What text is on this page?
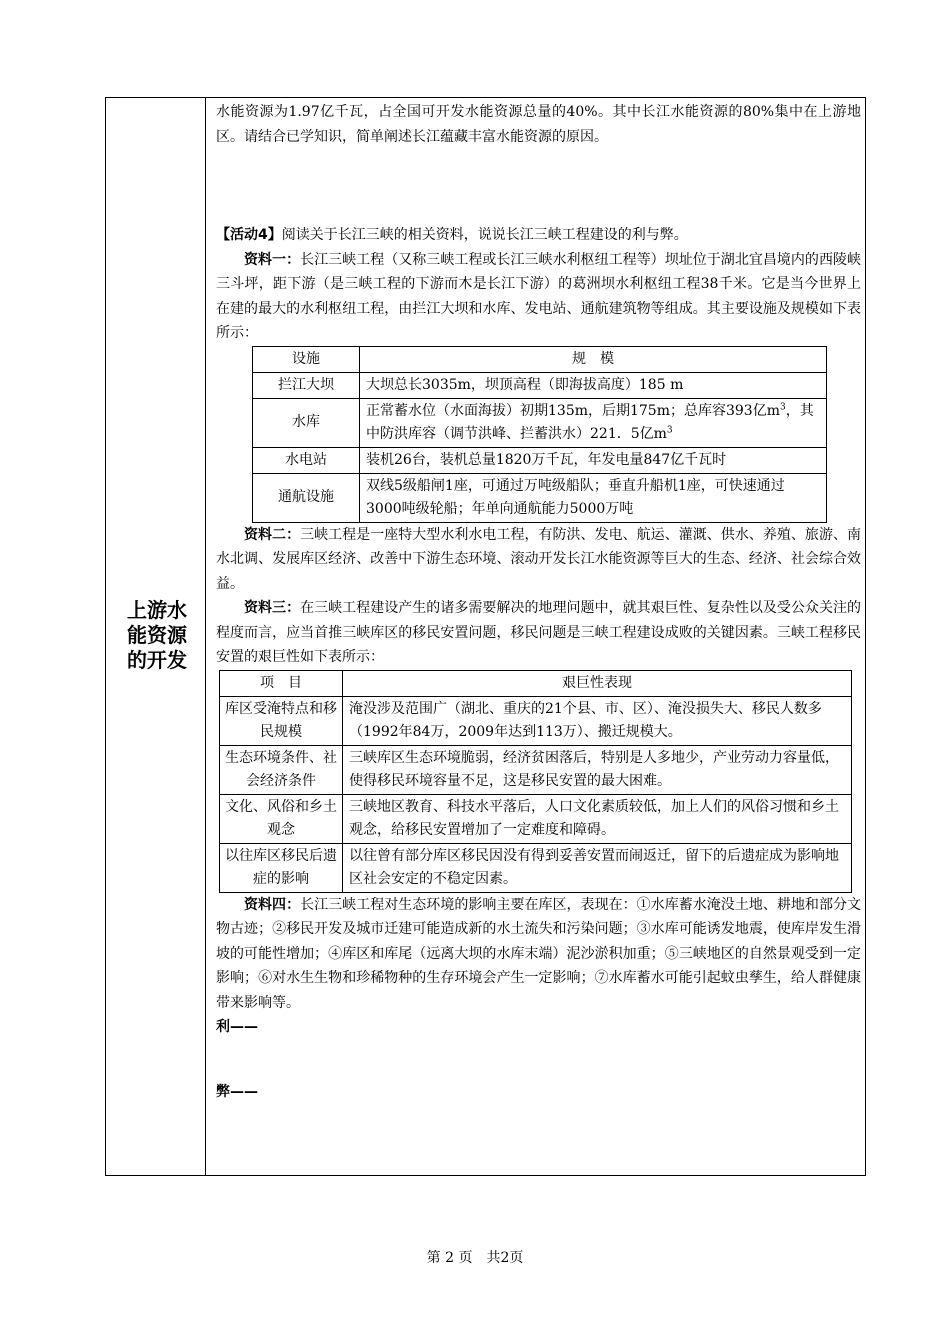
上游水能资源的开发

水能资源为1.97亿千瓦，占全国可开发水能资源总量的40%。其中长江水能资源的80%集中在上游地区。请结合已学知识，简单阐述长江蕴藏丰富水能资源的原因。

【活动4】阅读关于长江三峡的相关资料，说说长江三峡工程建设的利与弊。

资料一：长江三峡工程（又称三峡工程或长江三峡水利枢纽工程等）坝址位于湖北宜昌境内的西陵峡三斗坪，距下游（是三峡工程的下游而木是长江下游）的葛洲坝水利枢纽工程38千米。它是当今世界上在建的最大的水利枢纽工程，由拦江大坝和水库、发电站、通航建筑物等组成。其主要设施及规模如下表所示：

设施	规　模
拦江大坝	大坝总长3035m，坝顶高程（即海拔高度）185 m
水库	正常蓄水位（水面海拔）初期135m，后期175m；总库容393亿$m^3$，其中防洪库容（调节洪峰、拦蓄洪水）221．5亿$m^3$
水电站	装机26台，装机总量1820万千瓦，年发电量847亿千瓦时
通航设施	双线5级船闸1座，可通过万吨级船队；垂直升船机1座，可快速通过3000吨级轮船；年单向通航能力5000万吨

资料二：三峡工程是一座特大型水利水电工程，有防洪、发电、航运、灌溉、供水、养殖、旅游、南水北调、发展库区经济、改善中下游生态环境、滚动开发长江水能资源等巨大的生态、经济、社会综合效益。

资料三：在三峡工程建设产生的诸多需要解决的地理问题中，就其艰巨性、复杂性以及受公众关注的程度而言，应当首推三峡库区的移民安置问题，移民问题是三峡工程建设成败的关键因素。三峡工程移民安置的艰巨性如下表所示：

项　目	艰巨性表现
库区受淹特点和移民规模	淹没涉及范围广（湖北、重庆的21个县、市、区）、淹没损失大、移民人数多（1992年84万，2009年达到113万）、搬迁规模大。
生态环境条件、社会经济条件	三峡库区生态环境脆弱，经济贫困落后，特别是人多地少，产业劳动力容量低，使得移民环境容量不足，这是移民安置的最大困难。
文化、风俗和乡土观念	三峡地区教育、科技水平落后，人口文化素质较低，加上人们的风俗习惯和乡土观念，给移民安置增加了一定难度和障碍。
以往库区移民后遗症的影响	以往曾有部分库区移民因没有得到妥善安置而闹返迁，留下的后遗症成为影响地区社会安定的不稳定因素。

资料四：长江三峡工程对生态环境的影响主要在库区，表现在：①水库蓄水淹没土地、耕地和部分文物古迹；②移民开发及城市迁建可能造成新的水土流失和污染问题；③水库可能诱发地震，使库岸发生滑坡的可能性增加；④库区和库尾（远离大坝的水库末端）泥沙淤积加重；⑤三峡地区的自然景观受到一定影响；⑥对水生生物和珍稀物种的生存环境会产生一定影响；⑦水库蓄水可能引起蚊虫孳生，给人群健康带来影响等。

利——

弊——

第 2 页　共2页
